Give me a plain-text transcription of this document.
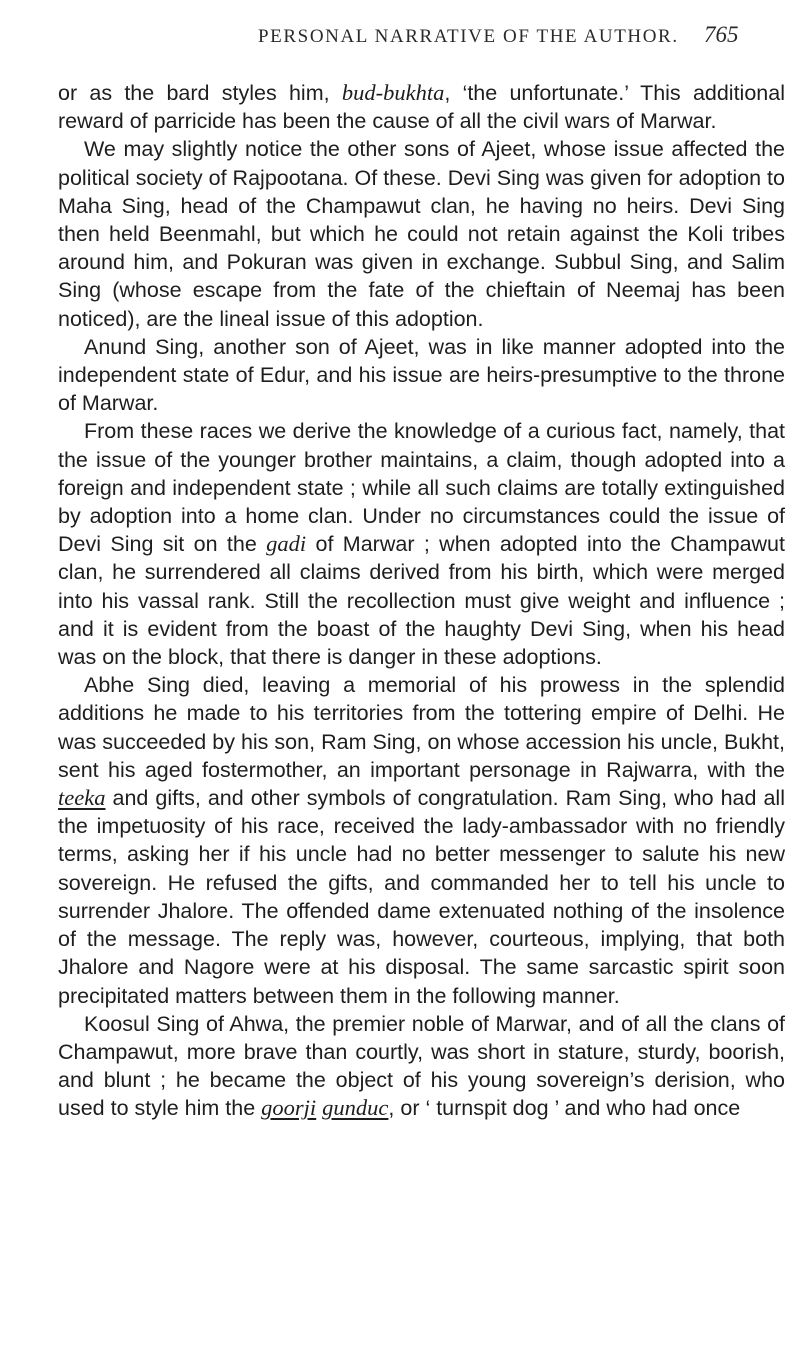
PERSONAL NARRATIVE OF THE AUTHOR. 765

or as the bard styles him, bud-bukhta, ‘the unfortunate.’ This additional reward of parricide has been the cause of all the civil wars of Marwar.

We may slightly notice the other sons of Ajeet, whose issue affected the political society of Rajpootana. Of these. Devi Sing was given for adoption to Maha Sing, head of the Champawut clan, he having no heirs. Devi Sing then held Beenmahl, but which he could not retain against the Koli tribes around him, and Pokuran was given in exchange. Subbul Sing, and Salim Sing (whose escape from the fate of the chieftain of Neemaj has been noticed), are the lineal issue of this adoption.

Anund Sing, another son of Ajeet, was in like manner adopted into the independent state of Edur, and his issue are heirs-presumptive to the throne of Marwar.

From these races we derive the knowledge of a curious fact, namely, that the issue of the younger brother maintains, a claim, though adopted into a foreign and independent state ; while all such claims are totally extinguished by adoption into a home clan. Under no circumstances could the issue of Devi Sing sit on the gadi of Marwar ; when adopted into the Champawut clan, he surrendered all claims derived from his birth, which were merged into his vassal rank. Still the recollection must give weight and influence ; and it is evident from the boast of the haughty Devi Sing, when his head was on the block, that there is danger in these adoptions.

Abhe Sing died, leaving a memorial of his prowess in the splendid additions he made to his territories from the tottering empire of Delhi. He was succeeded by his son, Ram Sing, on whose accession his uncle, Bukht, sent his aged fostermother, an important personage in Rajwarra, with the teeka and gifts, and other symbols of congratulation. Ram Sing, who had all the impetuosity of his race, received the lady-ambassador with no friendly terms, asking her if his uncle had no better messenger to salute his new sovereign. He refused the gifts, and commanded her to tell his uncle to surrender Jhalore. The offended dame extenuated nothing of the insolence of the message. The reply was, however, courteous, implying, that both Jhalore and Nagore were at his disposal. The same sarcastic spirit soon precipitated matters between them in the following manner.

Koosul Sing of Ahwa, the premier noble of Marwar, and of all the clans of Champawut, more brave than courtly, was short in stature, sturdy, boorish, and blunt ; he became the object of his young sovereign’s derision, who used to style him the goorji gunduc, or ‘ turnspit dog ’ and who had once
